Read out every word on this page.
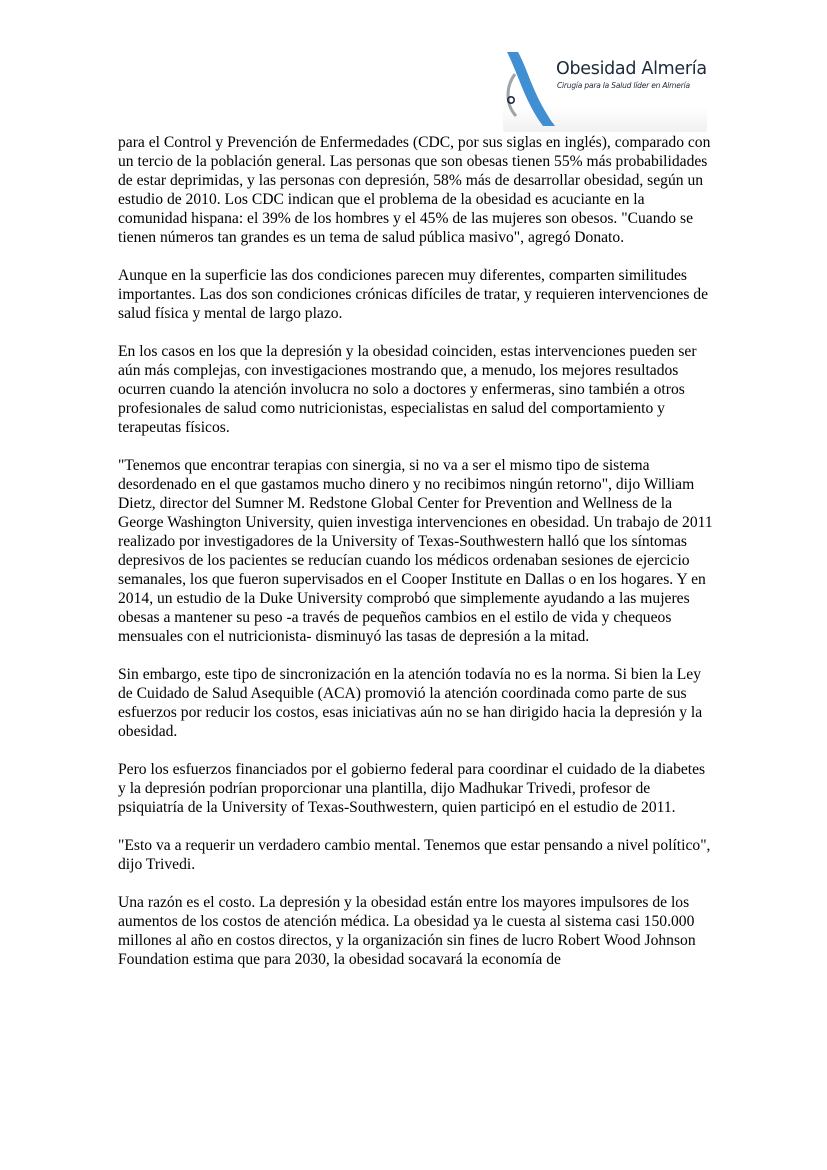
Obesidad Almería
Cirugía para la Salud líder en Almería

para el Control y Prevención de Enfermedades (CDC, por sus siglas en inglés), comparado con un tercio de la población general. Las personas que son obesas tienen 55% más probabilidades de estar deprimidas, y las personas con depresión, 58% más de desarrollar obesidad, según un estudio de 2010. Los CDC indican que el problema de la obesidad es acuciante en la comunidad hispana: el 39% de los hombres y el 45% de las mujeres son obesos. "Cuando se tienen números tan grandes es un tema de salud pública masivo", agregó Donato.

Aunque en la superficie las dos condiciones parecen muy diferentes, comparten similitudes importantes. Las dos son condiciones crónicas difíciles de tratar, y requieren intervenciones de salud física y mental de largo plazo.

En los casos en los que la depresión y la obesidad coinciden, estas intervenciones pueden ser aún más complejas, con investigaciones mostrando que, a menudo, los mejores resultados ocurren cuando la atención involucra no solo a doctores y enfermeras, sino también a otros profesionales de salud como nutricionistas, especialistas en salud del comportamiento y terapeutas físicos.

"Tenemos que encontrar terapias con sinergia, si no va a ser el mismo tipo de sistema desordenado en el que gastamos mucho dinero y no recibimos ningún retorno", dijo William Dietz, director del Sumner M. Redstone Global Center for Prevention and Wellness de la George Washington University, quien investiga intervenciones en obesidad. Un trabajo de 2011 realizado por investigadores de la University of Texas-Southwestern halló que los síntomas depresivos de los pacientes se reducían cuando los médicos ordenaban sesiones de ejercicio semanales, los que fueron supervisados en el Cooper Institute en Dallas o en los hogares. Y en 2014, un estudio de la Duke University comprobó que simplemente ayudando a las mujeres obesas a mantener su peso -a través de pequeños cambios en el estilo de vida y chequeos mensuales con el nutricionista- disminuyó las tasas de depresión a la mitad.

Sin embargo, este tipo de sincronización en la atención todavía no es la norma. Si bien la Ley de Cuidado de Salud Asequible (ACA) promovió la atención coordinada como parte de sus esfuerzos por reducir los costos, esas iniciativas aún no se han dirigido hacia la depresión y la obesidad.

Pero los esfuerzos financiados por el gobierno federal para coordinar el cuidado de la diabetes y la depresión podrían proporcionar una plantilla, dijo Madhukar Trivedi, profesor de psiquiatría de la University of Texas-Southwestern, quien participó en el estudio de 2011.

"Esto va a requerir un verdadero cambio mental. Tenemos que estar pensando a nivel político", dijo Trivedi.

Una razón es el costo. La depresión y la obesidad están entre los mayores impulsores de los aumentos de los costos de atención médica. La obesidad ya le cuesta al sistema casi 150.000 millones al año en costos directos, y la organización sin fines de lucro Robert Wood Johnson Foundation estima que para 2030, la obesidad socavará la economía de
